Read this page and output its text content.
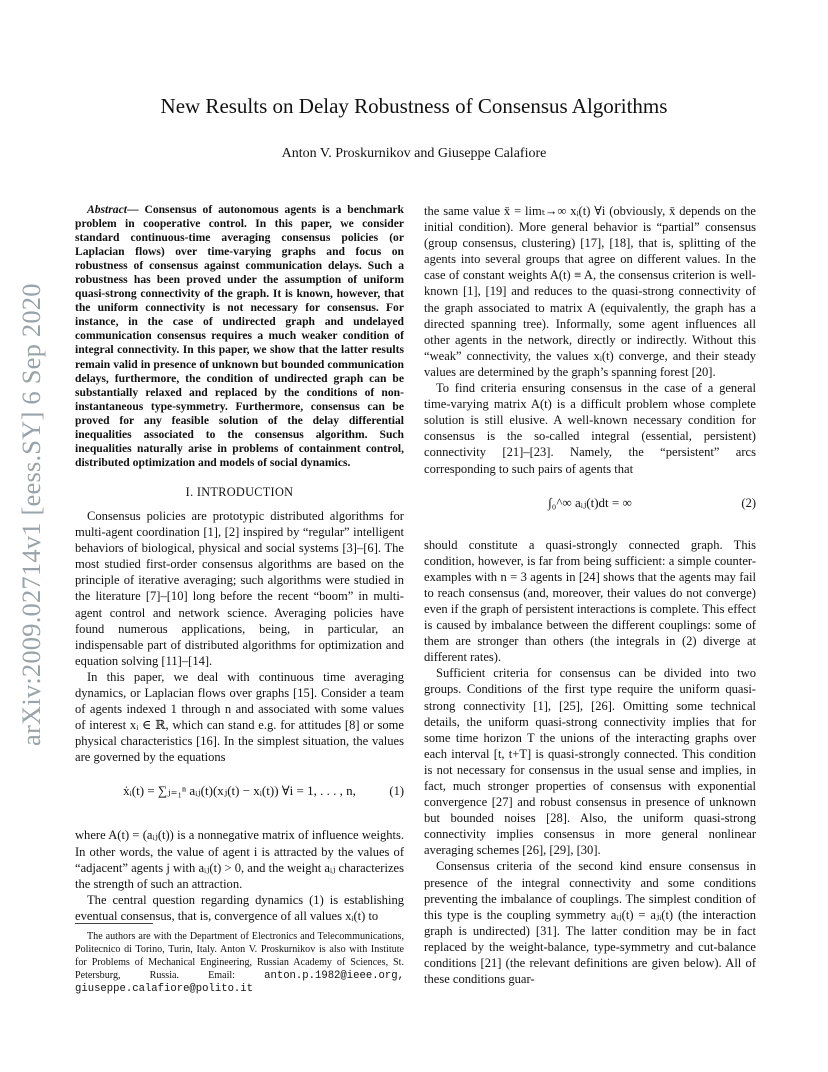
New Results on Delay Robustness of Consensus Algorithms
Anton V. Proskurnikov and Giuseppe Calafiore
arXiv:2009.02714v1 [eess.SY] 6 Sep 2020

Abstract— Consensus of autonomous agents is a benchmark problem in cooperative control. In this paper, we consider standard continuous-time averaging consensus policies (or Laplacian flows) over time-varying graphs and focus on robustness of consensus against communication delays. Such a robustness has been proved under the assumption of uniform quasi-strong connectivity of the graph. It is known, however, that the uniform connectivity is not necessary for consensus. For instance, in the case of undirected graph and undelayed communication consensus requires a much weaker condition of integral connectivity. In this paper, we show that the latter results remain valid in presence of unknown but bounded communication delays, furthermore, the condition of undirected graph can be substantially relaxed and replaced by the conditions of non-instantaneous type-symmetry. Furthermore, consensus can be proved for any feasible solution of the delay differential inequalities associated to the consensus algorithm. Such inequalities naturally arise in problems of containment control, distributed optimization and models of social dynamics.

I. INTRODUCTION

Consensus policies are prototypic distributed algorithms for multi-agent coordination [1], [2] inspired by “regular” intelligent behaviors of biological, physical and social systems [3]–[6]. The most studied first-order consensus algorithms are based on the principle of iterative averaging; such algorithms were studied in the literature [7]–[10] long before the recent “boom” in multi-agent control and network science. Averaging policies have found numerous applications, being, in particular, an indispensable part of distributed algorithms for optimization and equation solving [11]–[14].

In this paper, we deal with continuous time averaging dynamics, or Laplacian flows over graphs [15]. Consider a team of agents indexed 1 through n and associated with some values of interest xᵢ ∈ ℝ, which can stand e.g. for attitudes [8] or some physical characteristics [16]. In the simplest situation, the values are governed by the equations

ẋᵢ(t) = ∑ⱼ₌₁ⁿ aᵢⱼ(t)(xⱼ(t) − xᵢ(t)) ∀i = 1, . . . , n,	(1)

where A(t) = (aᵢⱼ(t)) is a nonnegative matrix of influence weights. In other words, the value of agent i is attracted by the values of “adjacent” agents j with aᵢⱼ(t) > 0, and the weight aᵢⱼ characterizes the strength of such an attraction.

The central question regarding dynamics (1) is establishing eventual consensus, that is, convergence of all values xᵢ(t) to

The authors are with the Department of Electronics and Telecommunications, Politecnico di Torino, Turin, Italy. Anton V. Proskurnikov is also with Institute for Problems of Mechanical Engineering, Russian Academy of Sciences, St. Petersburg, Russia. Email: anton.p.1982@ieee.org, giuseppe.calafiore@polito.it

the same value x̄ = limₜ→∞ xᵢ(t) ∀i (obviously, x̄ depends on the initial condition). More general behavior is “partial” consensus (group consensus, clustering) [17], [18], that is, splitting of the agents into several groups that agree on different values. In the case of constant weights A(t) ≡ A, the consensus criterion is well-known [1], [19] and reduces to the quasi-strong connectivity of the graph associated to matrix A (equivalently, the graph has a directed spanning tree). Informally, some agent influences all other agents in the network, directly or indirectly. Without this “weak” connectivity, the values xᵢ(t) converge, and their steady values are determined by the graph’s spanning forest [20].

To find criteria ensuring consensus in the case of a general time-varying matrix A(t) is a difficult problem whose complete solution is still elusive. A well-known necessary condition for consensus is the so-called integral (essential, persistent) connectivity [21]–[23]. Namely, the “persistent” arcs corresponding to such pairs of agents that

∫₀^∞ aᵢⱼ(t)dt = ∞	(2)

should constitute a quasi-strongly connected graph. This condition, however, is far from being sufficient: a simple counter-examples with n = 3 agents in [24] shows that the agents may fail to reach consensus (and, moreover, their values do not converge) even if the graph of persistent interactions is complete. This effect is caused by imbalance between the different couplings: some of them are stronger than others (the integrals in (2) diverge at different rates).

Sufficient criteria for consensus can be divided into two groups. Conditions of the first type require the uniform quasi-strong connectivity [1], [25], [26]. Omitting some technical details, the uniform quasi-strong connectivity implies that for some time horizon T the unions of the interacting graphs over each interval [t, t+T] is quasi-strongly connected. This condition is not necessary for consensus in the usual sense and implies, in fact, much stronger properties of consensus with exponential convergence [27] and robust consensus in presence of unknown but bounded noises [28]. Also, the uniform quasi-strong connectivity implies consensus in more general nonlinear averaging schemes [26], [29], [30].

Consensus criteria of the second kind ensure consensus in presence of the integral connectivity and some conditions preventing the imbalance of couplings. The simplest condition of this type is the coupling symmetry aᵢⱼ(t) = aⱼᵢ(t) (the interaction graph is undirected) [31]. The latter condition may be in fact replaced by the weight-balance, type-symmetry and cut-balance conditions [21] (the relevant definitions are given below). All of these conditions guar-
